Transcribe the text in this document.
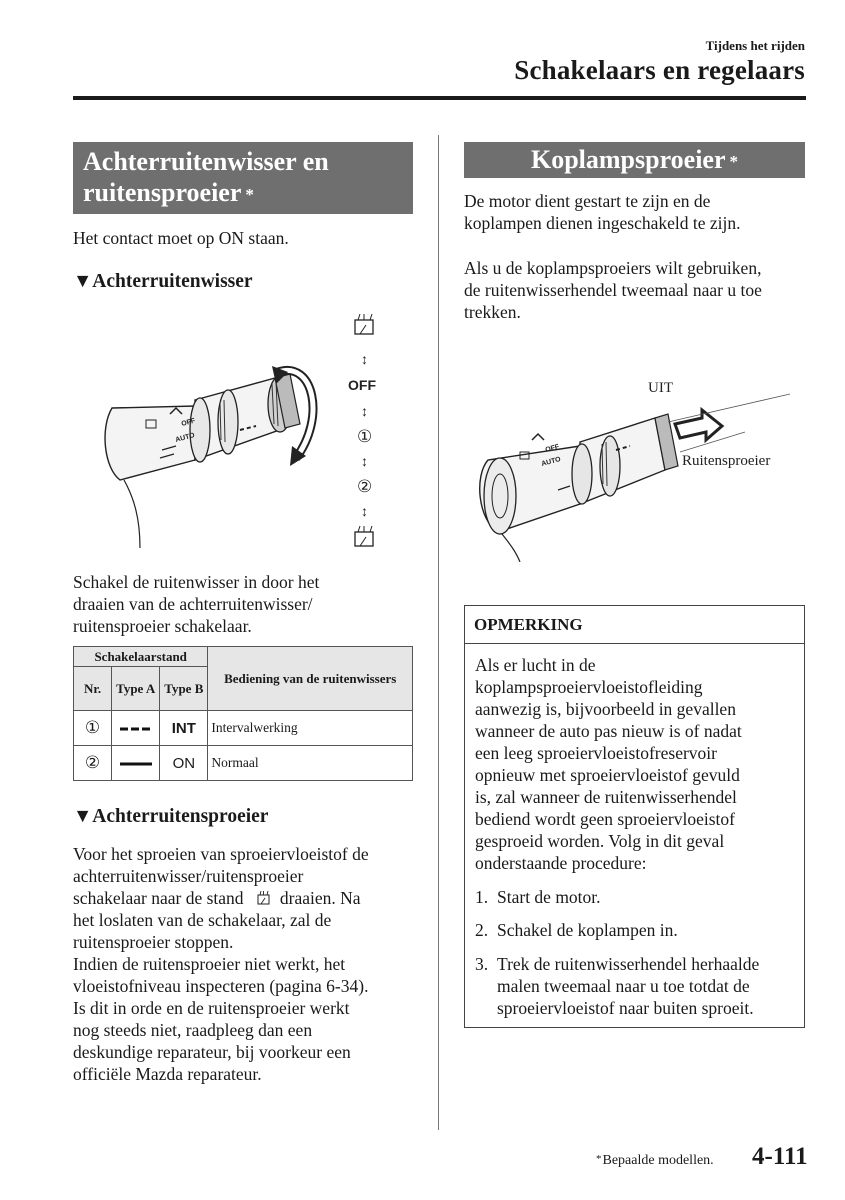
Tijdens het rijden
Schakelaars en regelaars
Achterruitenwisser en
ruitensproeier *
Het contact moet op ON staan.
▼Achterruitenwisser
OFF
AUTO
↕
OFF
↕
①
↕
②
↕
Schakel de ruitenwisser in door het
draaien van de achterruitenwisser/
ruitensproeier schakelaar.
Schakelaarstand			Bediening van de ruitenwissers
Nr.	Type A	Type B	
①		INT	Intervalwerking
②		ON	Normaal
▼Achterruitensproeier
Voor het sproeien van sproeiervloeistof de
achterruitenwisser/ruitensproeier
schakelaar naar de stand draaien. Na
het loslaten van de schakelaar, zal de
ruitensproeier stoppen.
Indien de ruitensproeier niet werkt, het
vloeistofniveau inspecteren (pagina 6-34).
Is dit in orde en de ruitensproeier werkt
nog steeds niet, raadpleeg dan een
deskundige reparateur, bij voorkeur een
officiële Mazda reparateur.
Koplampsproeier *
De motor dient gestart te zijn en de
koplampen dienen ingeschakeld te zijn.
Als u de koplampsproeiers wilt gebruiken,
de ruitenwisserhendel tweemaal naar u toe
trekken.
OFF
AUTO
UIT
Ruitensproeier
OPMERKING
Als er lucht in de
koplampsproeiervloeistofleiding
aanwezig is, bijvoorbeeld in gevallen
wanneer de auto pas nieuw is of nadat
een leeg sproeiervloeistofreservoir
opnieuw met sproeiervloeistof gevuld
is, zal wanneer de ruitenwisserhendel
bediend wordt geen sproeiervloeistof
gesproeid worden. Volg in dit geval
onderstaande procedure:
1. Start de motor.
2. Schakel de koplampen in.
3. Trek de ruitenwisserhendel herhaalde
malen tweemaal naar u toe totdat de
sproeiervloeistof naar buiten sproeit.
*Bepaalde modellen. 4-111
